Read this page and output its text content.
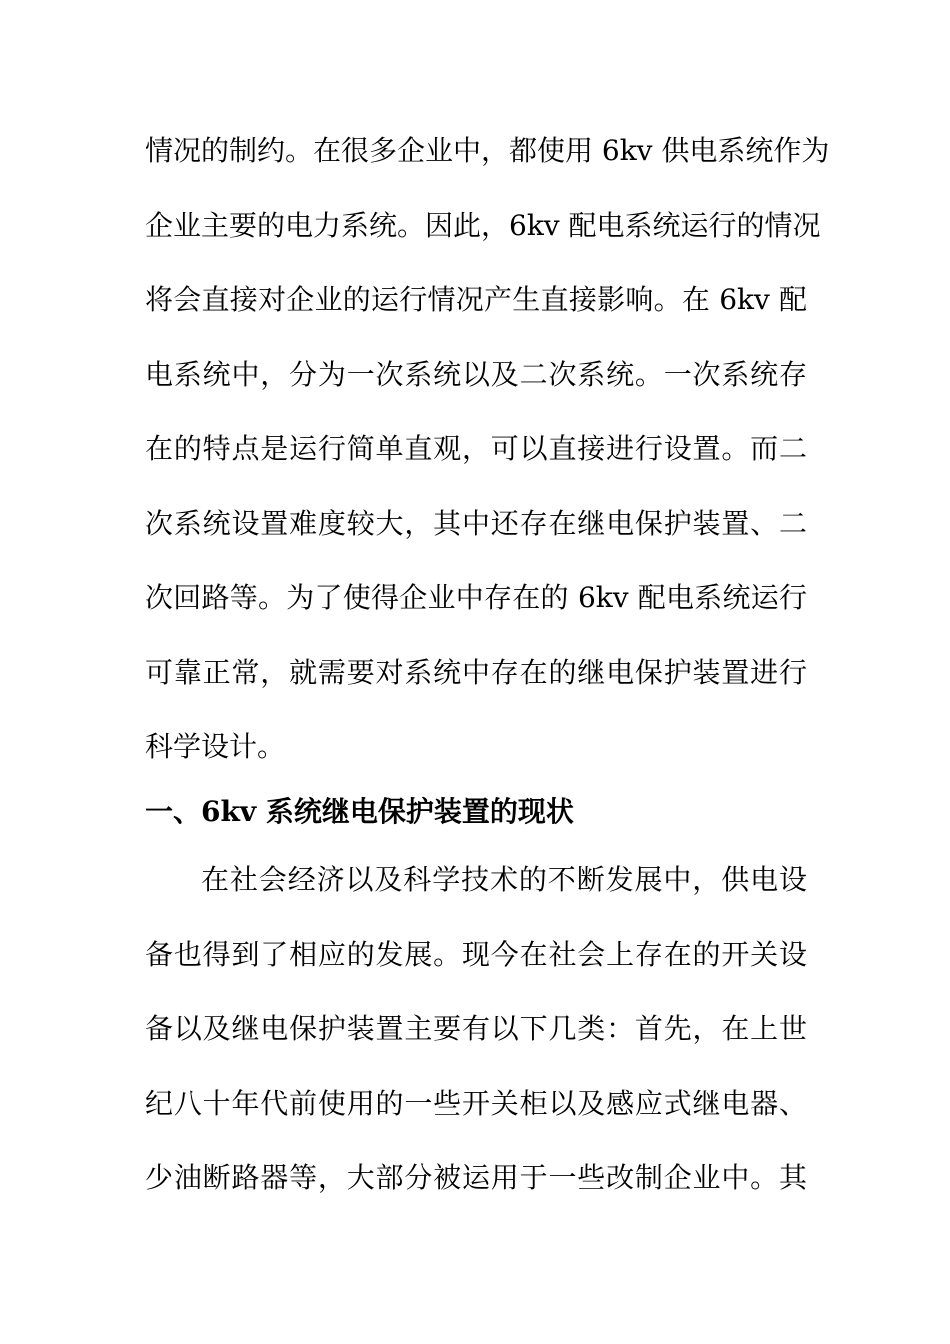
情况的制约。在很多企业中，都使用 6kv 供电系统作为
企业主要的电力系统。因此，6kv 配电系统运行的情况
将会直接对企业的运行情况产生直接影响。在 6kv 配
电系统中，分为一次系统以及二次系统。一次系统存
在的特点是运行简单直观，可以直接进行设置。而二
次系统设置难度较大，其中还存在继电保护装置、二
次回路等。为了使得企业中存在的 6kv 配电系统运行
可靠正常，就需要对系统中存在的继电保护装置进行
科学设计。
一、6kv 系统继电保护装置的现状
在社会经济以及科学技术的不断发展中，供电设
备也得到了相应的发展。现今在社会上存在的开关设
备以及继电保护装置主要有以下几类：首先，在上世
纪八十年代前使用的一些开关柜以及感应式继电器、
少油断路器等，大部分被运用于一些改制企业中。其
